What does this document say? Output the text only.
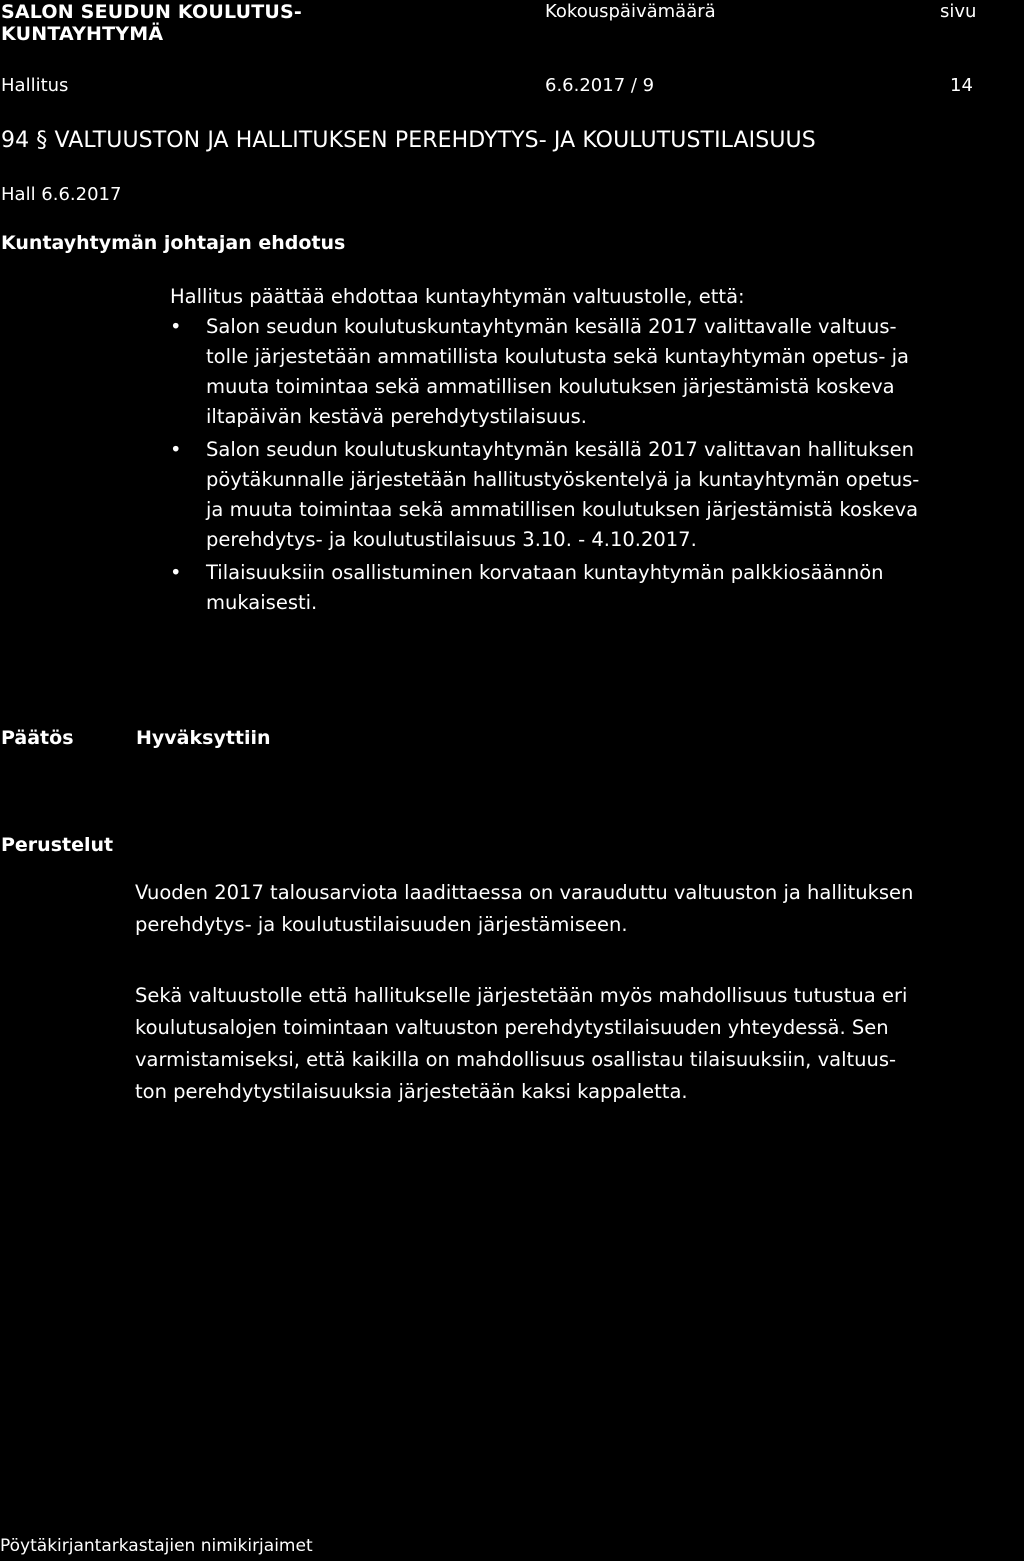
SALON SEUDUN KOULUTUS-
KUNTAYHTYMÄ
Kokouspäivämäärä	sivu
Hallitus	6.6.2017 / 9	14
94 § VALTUUSTON JA HALLITUKSEN PEREHDYTYS- JA KOULUTUSTILAISUUS
Hall 6.6.2017
Kuntayhtymän johtajan ehdotus
Hallitus päättää ehdottaa kuntayhtymän valtuustolle, että:
• Salon seudun koulutuskuntayhtymän kesällä 2017 valittavalle valtuus-
tolle järjestetään ammatillista koulutusta sekä kuntayhtymän opetus- ja
muuta toimintaa sekä ammatillisen koulutuksen järjestämistä koskeva
iltapäivän kestävä perehdytystilaisuus.
• Salon seudun koulutuskuntayhtymän kesällä 2017 valittavan hallituksen
pöytäkunnalle järjestetään hallitustyöskentelyä ja kuntayhtymän opetus-
ja muuta toimintaa sekä ammatillisen koulutuksen järjestämistä koskeva
perehdytys- ja koulutustilaisuus 3.10. - 4.10.2017.
• Tilaisuuksiin osallistuminen korvataan kuntayhtymän palkkiosäännön
mukaisesti.
Päätös	Hyväksyttiin
Perustelut
Vuoden 2017 talousarviota laadittaessa on varauduttu valtuuston ja hallituksen
perehdytys- ja koulutustilaisuuden järjestämiseen.
Sekä valtuustolle että hallitukselle järjestetään myös mahdollisuus tutustua eri
koulutusalojen toimintaan valtuuston perehdytystilaisuuden yhteydessä. Sen
varmistamiseksi, että kaikilla on mahdollisuus osallistau tilaisuuksiin, valtuus-
ton perehdytystilaisuuksia järjestetään kaksi kappaletta.
Pöytäkirjantarkastajien nimikirjaimet
